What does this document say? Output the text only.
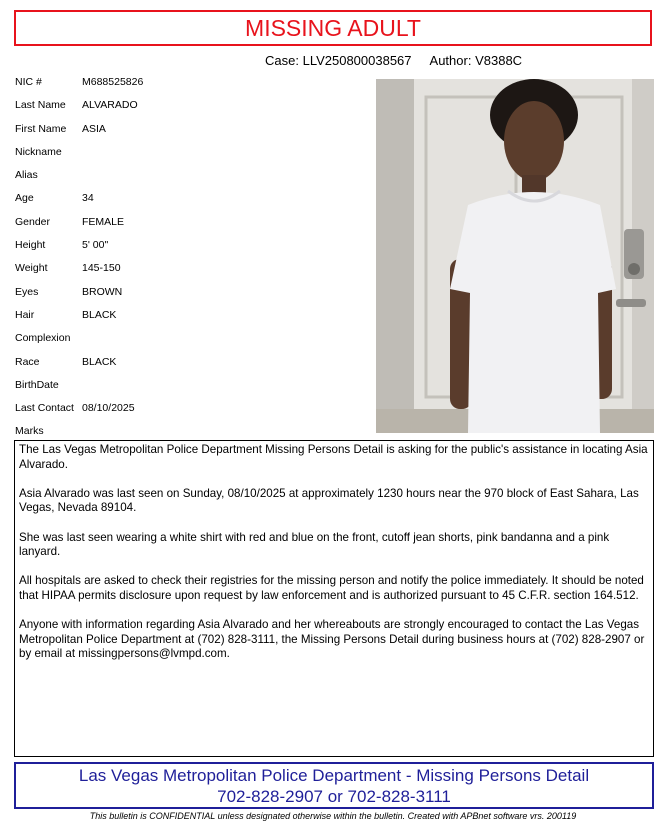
MISSING ADULT
Case: LLV250800038567 Author: V8388C
NIC #	M688525826
Last Name ALVARADO
First Name ASIA
Nickname
Alias
Age	34
Gender	FEMALE
Height	5' 00"
Weight	145-150
Eyes	BROWN
Hair	BLACK
Complexion
Race	BLACK
BirthDate
Last Contact 08/10/2025
Marks

The Las Vegas Metropolitan Police Department Missing Persons Detail is asking for the public's assistance in locating Asia Alvarado.

Asia Alvarado was last seen on Sunday, 08/10/2025 at approximately 1230 hours near the 970 block of East Sahara, Las Vegas, Nevada 89104.

She was last seen wearing a white shirt with red and blue on the front, cutoff jean shorts, pink bandanna and a pink lanyard.

All hospitals are asked to check their registries for the missing person and notify the police immediately. It should be noted that HIPAA permits disclosure upon request by law enforcement and is authorized pursuant to 45 C.F.R. section 164.512.

Anyone with information regarding Asia Alvarado and her whereabouts are strongly encouraged to contact the Las Vegas Metropolitan Police Department at (702) 828-3111, the Missing Persons Detail during business hours at (702) 828-2907 or by email at missingpersons@lvmpd.com.

Las Vegas Metropolitan Police Department - Missing Persons Detail
702-828-2907 or 702-828-3111
This bulletin is CONFIDENTIAL unless designated otherwise within the bulletin. Created with APBnet software vrs. 200119
